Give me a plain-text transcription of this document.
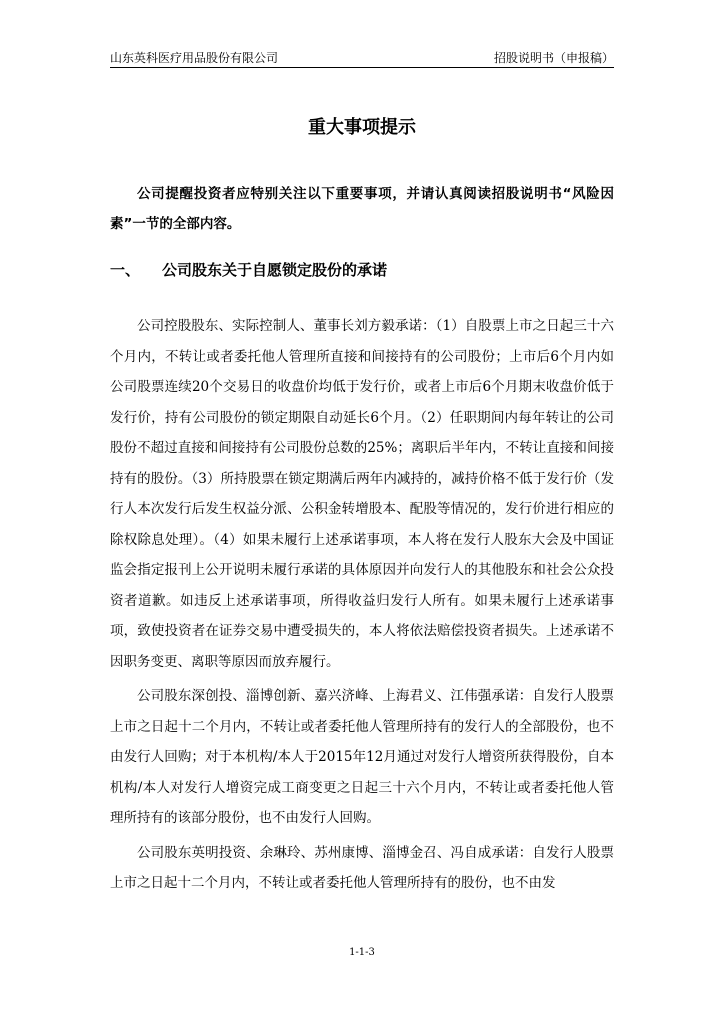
山东英科医疗用品股份有限公司	招股说明书（申报稿）
重大事项提示
公司提醒投资者应特别关注以下重要事项，并请认真阅读招股说明书“风险因素”一节的全部内容。
一、 公司股东关于自愿锁定股份的承诺

公司控股股东、实际控制人、董事长刘方毅承诺：（1）自股票上市之日起三十六个月内，不转让或者委托他人管理所直接和间接持有的公司股份；上市后6个月内如公司股票连续20个交易日的收盘价均低于发行价，或者上市后6个月期末收盘价低于发行价，持有公司股份的锁定期限自动延长6个月。（2）任职期间内每年转让的公司股份不超过直接和间接持有公司股份总数的25%；离职后半年内，不转让直接和间接持有的股份。（3）所持股票在锁定期满后两年内减持的，减持价格不低于发行价（发行人本次发行后发生权益分派、公积金转增股本、配股等情况的，发行价进行相应的除权除息处理）。（4）如果未履行上述承诺事项，本人将在发行人股东大会及中国证监会指定报刊上公开说明未履行承诺的具体原因并向发行人的其他股东和社会公众投资者道歉。如违反上述承诺事项，所得收益归发行人所有。如果未履行上述承诺事项，致使投资者在证券交易中遭受损失的，本人将依法赔偿投资者损失。上述承诺不因职务变更、离职等原因而放弃履行。

公司股东深创投、淄博创新、嘉兴济峰、上海君义、江伟强承诺：自发行人股票上市之日起十二个月内，不转让或者委托他人管理所持有的发行人的全部股份，也不由发行人回购；对于本机构/本人于2015年12月通过对发行人增资所获得股份，自本机构/本人对发行人增资完成工商变更之日起三十六个月内，不转让或者委托他人管理所持有的该部分股份，也不由发行人回购。

公司股东英明投资、余琳玲、苏州康博、淄博金召、冯自成承诺：自发行人股票上市之日起十二个月内，不转让或者委托他人管理所持有的股份，也不由发

1-1-3
